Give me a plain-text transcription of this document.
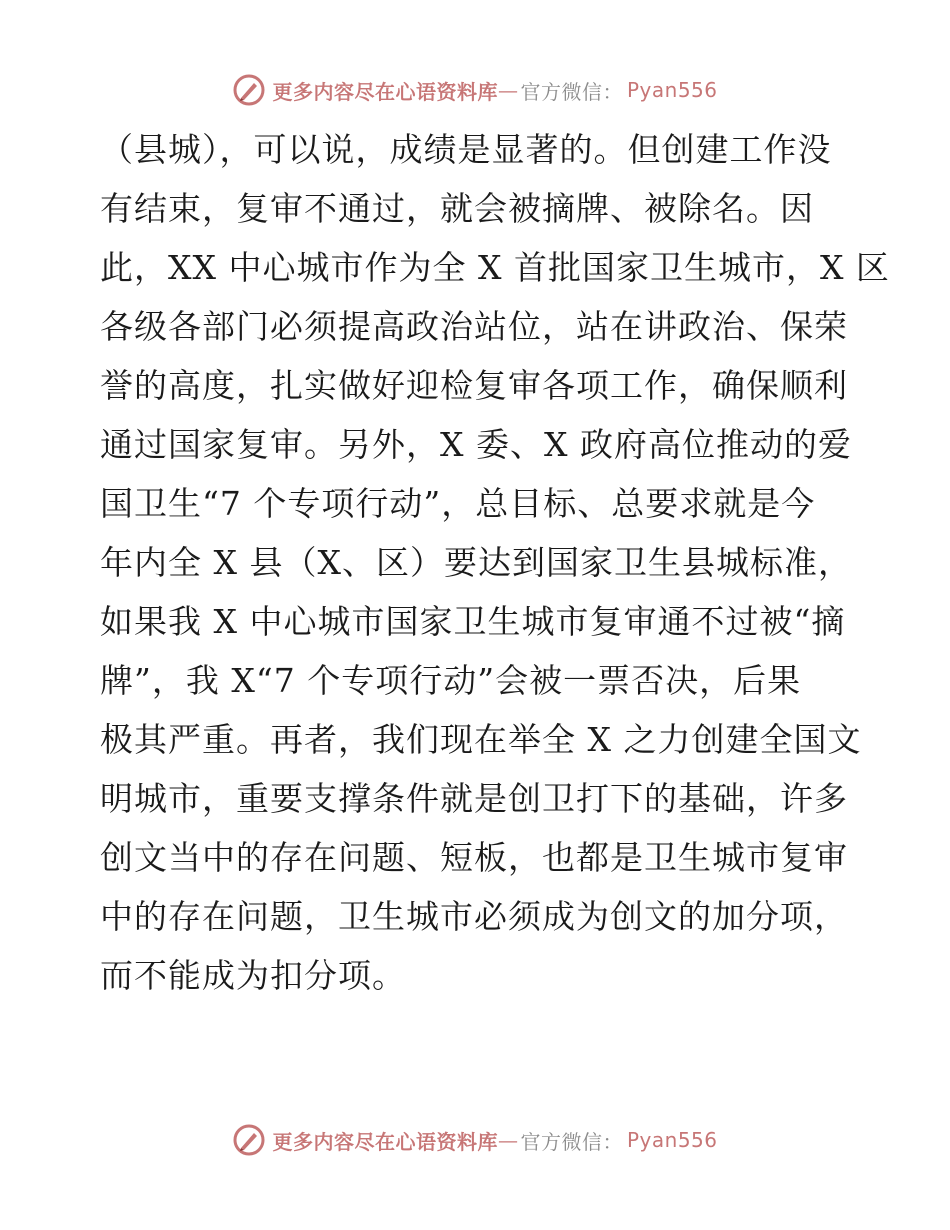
更多内容尽在心语资料库 — 官方微信： Pyan556
（县城），可以说，成绩是显著的。但创建工作没
有结束，复审不通过，就会被摘牌、被除名。因
此，XX 中心城市作为全 X 首批国家卫生城市，X 区
各级各部门必须提高政治站位，站在讲政治、保荣
誉的高度，扎实做好迎检复审各项工作，确保顺利
通过国家复审。另外，X 委、X 政府高位推动的爱
国卫生“7 个专项行动”，总目标、总要求就是今
年内全 X 县（X、区）要达到国家卫生县城标准，
如果我 X 中心城市国家卫生城市复审通不过被“摘
牌”，我 X“7 个专项行动”会被一票否决，后果
极其严重。再者，我们现在举全 X 之力创建全国文
明城市，重要支撑条件就是创卫打下的基础，许多
创文当中的存在问题、短板，也都是卫生城市复审
中的存在问题，卫生城市必须成为创文的加分项，
而不能成为扣分项。
更多内容尽在心语资料库 — 官方微信： Pyan556
